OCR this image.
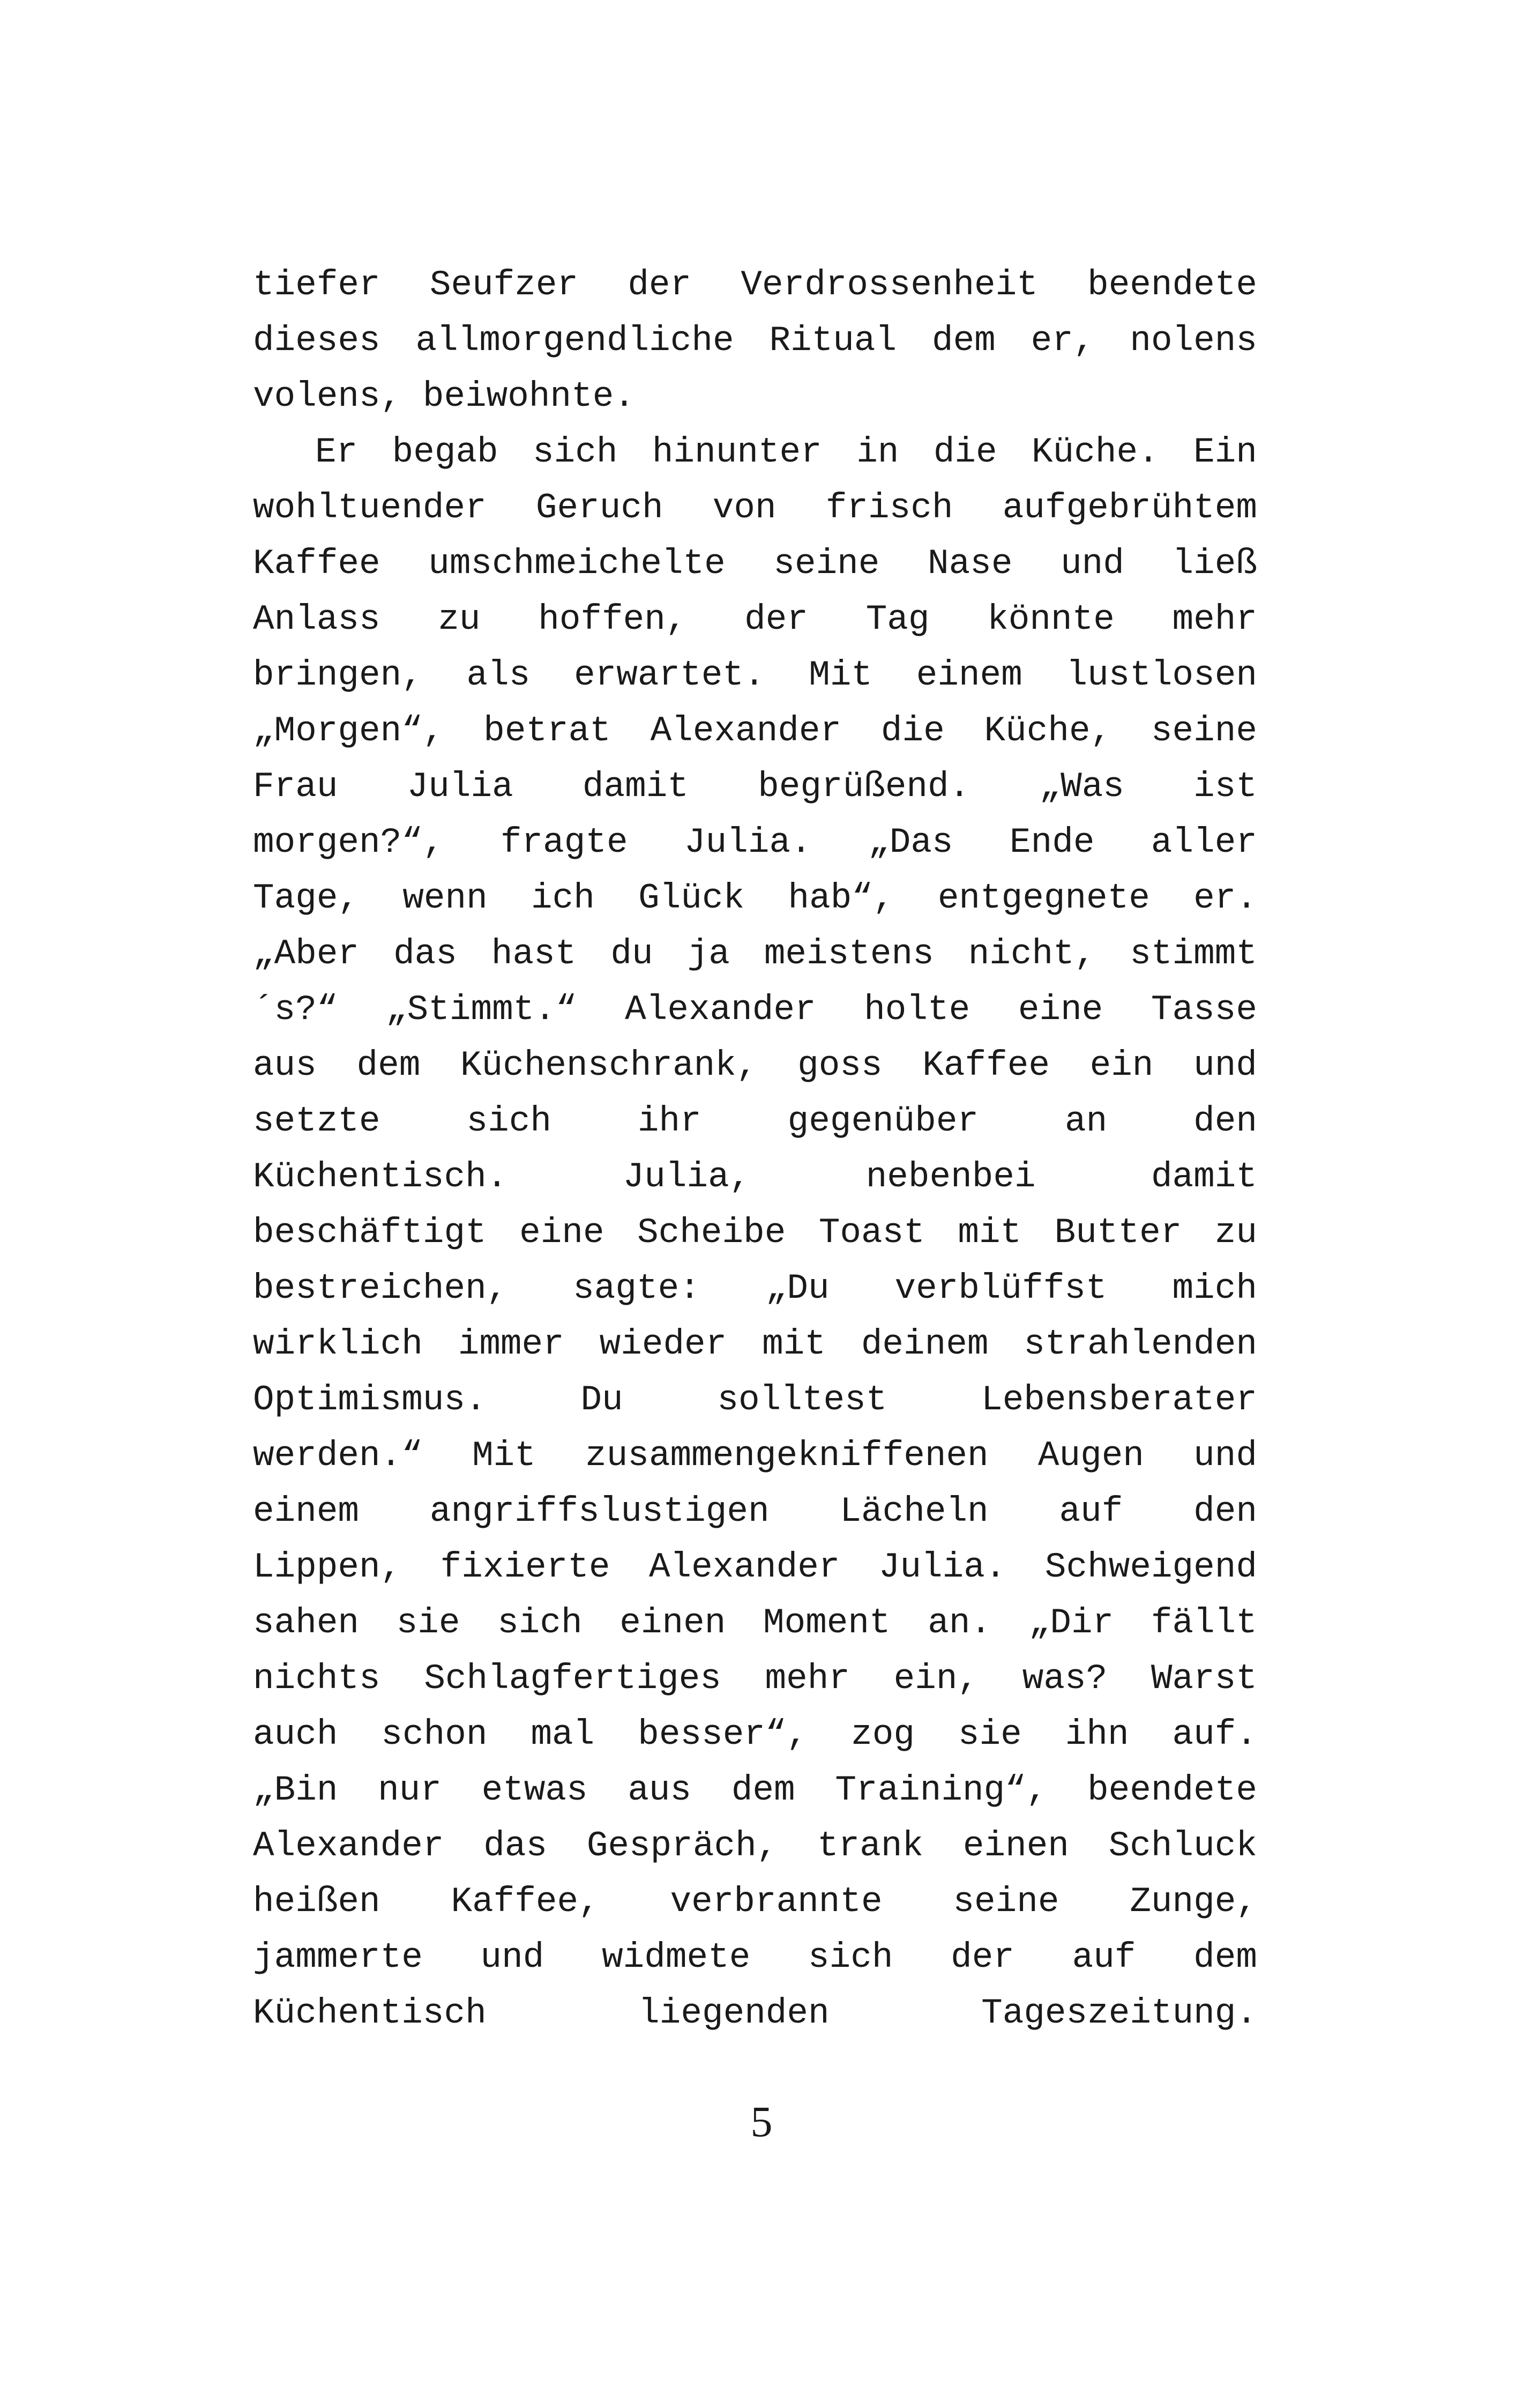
tiefer Seufzer der Verdrossenheit beendete
dieses allmorgendliche Ritual dem er, nolens
volens, beiwohnte.
Er begab sich hinunter in die Küche. Ein
wohltuender Geruch von frisch aufgebrühtem
Kaffee umschmeichelte seine Nase und ließ
Anlass zu hoffen, der Tag könnte mehr
bringen, als erwartet. Mit einem lustlosen
„Morgen“, betrat Alexander die Küche, seine
Frau Julia damit begrüßend. „Was ist
morgen?“, fragte Julia. „Das Ende aller
Tage, wenn ich Glück hab“, entgegnete er.
„Aber das hast du ja meistens nicht, stimmt
´s?“ „Stimmt.“ Alexander holte eine Tasse
aus dem Küchenschrank, goss Kaffee ein und
setzte sich ihr gegenüber an den
Küchentisch.	Julia,	nebenbei	damit
beschäftigt eine Scheibe Toast mit Butter zu
bestreichen, sagte: „Du verblüffst mich
wirklich immer wieder mit deinem strahlenden
Optimismus.	Du	solltest	Lebensberater
werden.“ Mit zusammengekniffenen Augen und
einem angriffslustigen Lächeln auf den
Lippen, fixierte Alexander Julia. Schweigend
sahen sie sich einen Moment an. „Dir fällt
nichts Schlagfertiges mehr ein, was? Warst
auch schon mal besser“, zog sie ihn auf.
„Bin nur etwas aus dem Training“, beendete
Alexander das Gespräch, trank einen Schluck
heißen Kaffee, verbrannte seine Zunge,
jammerte und widmete sich der auf dem
Küchentisch	liegenden	Tageszeitung.
5
